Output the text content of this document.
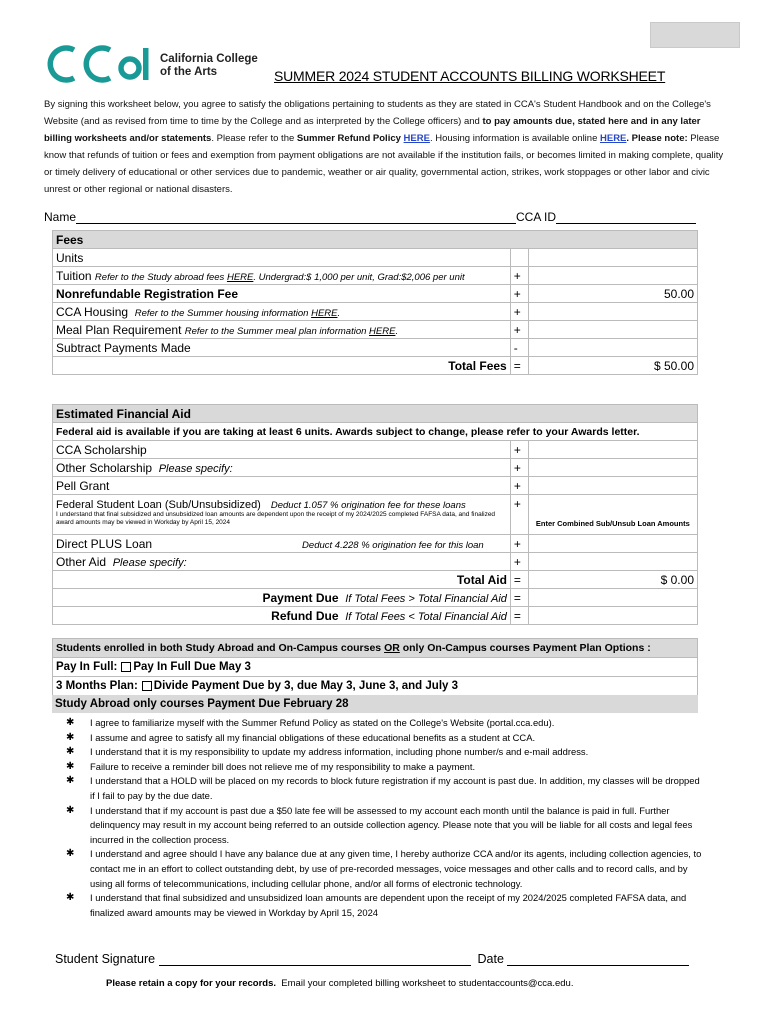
California College
of the Arts	SUMMER 2024 STUDENT ACCOUNTS BILLING WORKSHEET
By signing this worksheet below, you agree to satisfy the obligations pertaining to students as they are stated in CCA's Student Handbook and on the College's Website (and as revised from time to time by the College and as interpreted by the College officers) and to pay amounts due, stated here and in any later billing worksheets and/or statements. Please refer to the Summer Refund Policy HERE. Housing information is available online HERE. Please note: Please know that refunds of tuition or fees and exemption from payment obligations are not available if the institution fails, or becomes limited in making complete, quality or timely delivery of educational or other services due to pandemic, weather or air quality, governmental action, strikes, work stoppages or other labor and civic unrest or other regional or national disasters.
Name	CCA ID
Fees		
Units		
Tuition Refer to the Study abroad fees HERE. Undergrad:$ 1,000 per unit, Grad:$2,006 per unit	+	
Nonrefundable Registration Fee	+	50.00
CCA Housing Refer to the Summer housing information HERE.	+	
Meal Plan Requirement Refer to the Summer meal plan information HERE.	+	
Subtract Payments Made	-	
Total Fees	=	$ 50.00
Estimated Financial Aid		
Federal aid is available if you are taking at least 6 units. Awards subject to change, please refer to your Awards letter.		
CCA Scholarship	+	
Other Scholarship Please specify:	+	
Pell Grant	+	

Federal Student Loan (Sub/Unsubsidized) Deduct 1.057 % origination fee for these loans
I understand that final subsidized and unsubsidized loan amounts are dependent upon the receipt of my 2024/2025 completed FAFSA data, and finalized award amounts may be viewed in Workday by April 15, 2024	+	Enter Combined Sub/Unsub Loan Amounts
Direct PLUS Loan Deduct 4.228 % origination fee for this loan	+	
Other Aid Please specify:	+	
Total Aid	=	$ 0.00
Payment Due If Total Fees > Total Financial Aid	=	
Refund Due If Total Fees < Total Financial Aid	=	
Students enrolled in both Study Abroad and On-Campus courses OR only On-Campus courses Payment Plan Options :
Pay In Full: Pay In Full Due May 3
3 Months Plan: Divide Payment Due by 3, due May 3, June 3, and July 3
Study Abroad only courses Payment Due February 28
✱ I agree to familiarize myself with the Summer Refund Policy as stated on the College's Website (portal.cca.edu).
✱ I assume and agree to satisfy all my financial obligations of these educational benefits as a student at CCA.
✱ I understand that it is my responsibility to update my address information, including phone number/s and e-mail address.
✱ Failure to receive a reminder bill does not relieve me of my responsibility to make a payment.
✱ I understand that a HOLD will be placed on my records to block future registration if my account is past due. In addition, my classes will be dropped if I fail to pay by the due date.
✱ I understand that if my account is past due a $50 late fee will be assessed to my account each month until the balance is paid in full. Further delinquency may result in my account being referred to an outside collection agency. Please note that you will be liable for all costs and legal fees incurred in the collection process.
✱ I understand and agree should I have any balance due at any given time, I hereby authorize CCA and/or its agents, including collection agencies, to contact me in an effort to collect outstanding debt, by use of pre-recorded messages, voice messages and other calls and to record calls, and by using all forms of telecommunications, including cellular phone, and/or all forms of electronic technology.
✱ I understand that final subsidized and unsubsidized loan amounts are dependent upon the receipt of my 2024/2025 completed FAFSA data, and finalized award amounts may be viewed in Workday by April 15, 2024
Student Signature	Date
Please retain a copy for your records.  Email your completed billing worksheet to studentaccounts@cca.edu.
